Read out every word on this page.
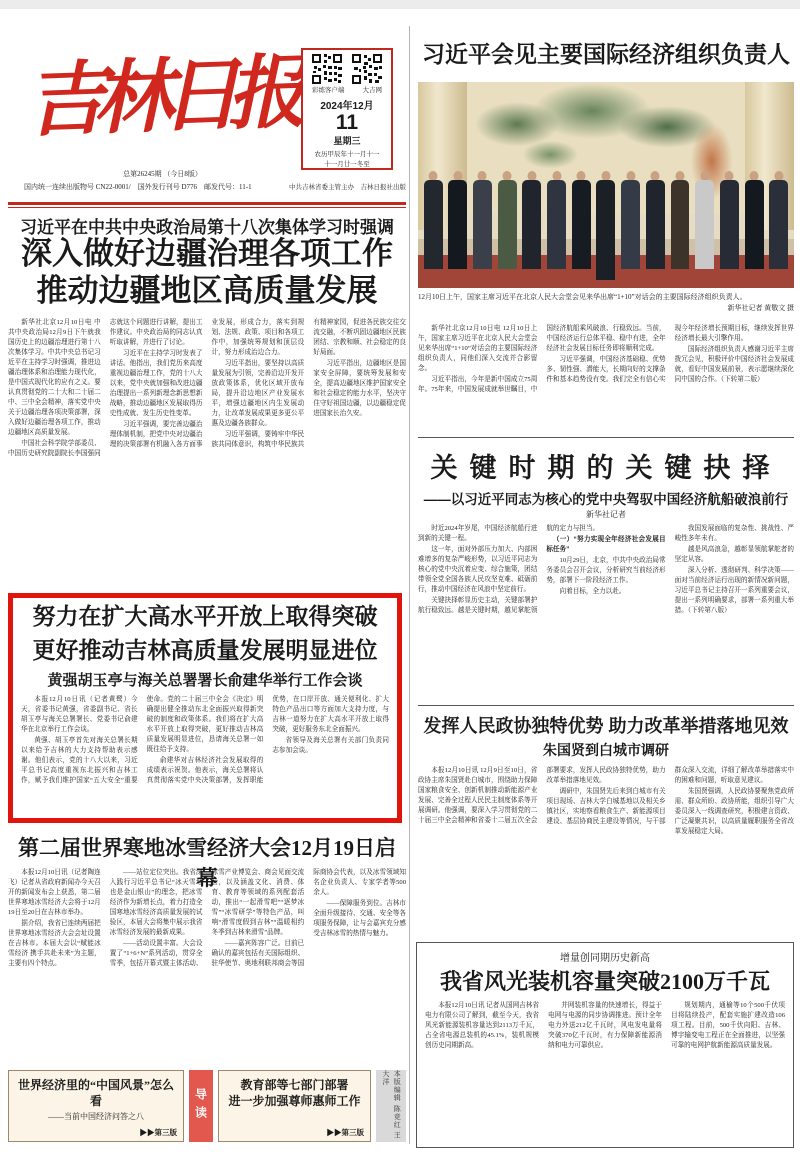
吉林日报	彩练客户端	大吉网
2024年12月
11
星期三
农历甲辰年十一月十一
十一月廿一冬至
总第26245期 （今日8版）
国内统一连续出版物号 CN22-0001/　国外发行刊号 D776　邮发代号：11-1	中共吉林省委主管主办　吉林日报社出版
习近平在中共中央政治局第十八次集体学习时强调
深入做好边疆治理各项工作
推动边疆地区高质量发展

新华社北京12月10日电 中共中央政治局12月9日下午就我国历史上的边疆治理进行第十八次集体学习。中共中央总书记习近平在主持学习时强调，推进边疆治理体系和治理能力现代化，是中国式现代化的应有之义。要认真贯彻党的二十大和二十届二中、三中全会精神，落实党中央关于边疆治理各项决策部署，深入做好边疆治理各项工作，推动边疆地区高质量发展。

中国社会科学院学部委员、中国历史研究院副院长李国强同志就这个问题进行讲解，提出工作建议。中央政治局的同志认真听取讲解，并进行了讨论。

习近平在主持学习时发表了讲话。他指出，我们党历来高度重视边疆治理工作，党的十八大以来，党中央就加强和改进边疆治理提出一系列新理念新思想新战略，推动边疆地区发展取得历史性成就、发生历史性变革。

习近平强调，要完善边疆治理体制机制，把党中央对边疆治理的决策部署有机融入各方面事业发展，形成合力，落实到规划、法规、政策、项目和各项工作中，加强统筹规划和顶层设计，努力形成治边合力。

习近平指出，要坚持以高质量发展为引领，完善沿边开发开放政策体系，优化区域开放布局，提升沿边地区产业发展水平，增强边疆地区内生发展动力，让改革发展成果更多更公平惠及边疆各族群众。

习近平强调，要铸牢中华民族共同体意识，构筑中华民族共有精神家园，促进各民族交往交流交融，不断巩固边疆地区民族团结、宗教和顺、社会稳定的良好局面。

习近平指出，边疆地区是国家安全屏障，要统筹发展和安全，提高边疆地区维护国家安全和社会稳定的能力水平，坚决守住守好祖国边疆，以边疆稳定促进国家长治久安。

努力在扩大高水平开放上取得突破
更好推动吉林高质量发展明显进位
黄强胡玉亭与海关总署署长俞建华举行工作会谈

本报12月10日讯（记者黄鹭）今天，省委书记黄强，省委副书记、省长胡玉亭与海关总署署长、党委书记俞建华在北京举行工作会谈。

黄强、胡玉亭首先对海关总署长期以来给予吉林的大力支持帮助表示感谢。他们表示，党的十八大以来，习近平总书记高度重视东北振兴和吉林工作，赋予我们维护国家“五大安全”重要使命。党的二十届三中全会《决定》明确提出健全推动东北全面振兴取得新突破的制度和政策体系。我们将在扩大高水平开放上取得突破，更好推动吉林高质量发展明显进位，恳请海关总署一如既往给予支持。

俞建华对吉林经济社会发展取得的成绩表示祝贺。他表示，海关总署将认真贯彻落实党中央决策部署，发挥职能优势，在口岸开放、通关便利化、扩大特色产品出口等方面加大支持力度，与吉林一道努力在扩大高水平开放上取得突破，更好服务东北全面振兴。

省领导及海关总署有关部门负责同志参加会谈。

第二届世界寒地冰雪经济大会12月19日启幕

本报12月10日讯（记者陶连飞）记者从省政府新闻办今天召开的新闻发布会上获悉，第二届世界寒地冰雪经济大会将于12月19日至20日在吉林市举办。

据介绍，我省已连续两届把世界寒地冰雪经济大会会址设置在吉林市。本届大会以“赋能冰雪经济 携手共赴未来”为主题，主要有四个特点。

——站位定位突出。我省深入践行习近平总书记“冰天雪地也是金山银山”的理念，把冰雪经济作为新增长点，着力打造全国寒地冰雪经济高质量发展的试验区，本届大会将集中展示我省冰雪经济发展的最新成果。

——活动设置丰富。大会设置了“1+6+N”系列活动，贯穿全雪季，包括开幕式暨主体活动、冰雪产业博览会、商会见面交流会，以及涵盖文化、消费、体育、教育等领域的系列配套活动，推出“一起滑雪吧”“逐梦冰雪”“冰雪研学”等特色产品，叫响“滑雪度假到吉林”“温暖相约 冬季到吉林来滑雪”品牌。

——嘉宾阵容广泛。目前已确认的嘉宾包括有关国际组织、驻华使节、奥地利联邦商会等国际商协会代表，以及冰雪领域知名企业负责人、专家学者等500余人。

——保障服务到位。吉林市全面升级接待、交通、安全等各项服务保障，让与会嘉宾充分感受吉林冰雪的热情与魅力。

世界经济里的“中国风景”怎么看
——当前中国经济问答之八
▶▶第三版
导读
教育部等七部门部署
进一步加强尊师惠师工作
▶▶第三版	本版编辑 陈竞红 王大洋
习近平会见主要国际经济组织负责人
12月10日上午，国家主席习近平在北京人民大会堂会见来华出席“1+10”对话会的主要国际经济组织负责人。
新华社记者 黄敬文 摄

新华社北京12月10日电 12月10日上午，国家主席习近平在北京人民大会堂会见来华出席“1+10”对话会的主要国际经济组织负责人，同他们深入交流并合影留念。

习近平指出，今年是新中国成立75周年。75年来，中国发展成就举世瞩目，中国经济航船乘风破浪、行稳致远。当前，中国经济运行总体平稳、稳中有进，全年经济社会发展目标任务即将顺利完成。

习近平强调，中国经济基础稳、优势多、韧性强、潜能大，长期向好的支撑条件和基本趋势没有变。我们完全有信心实现今年经济增长预期目标，继续发挥世界经济增长最大引擎作用。

国际经济组织负责人感谢习近平主席拨冗会见，积极评价中国经济社会发展成就，看好中国发展前景，表示愿继续深化同中国的合作。（下转第二版）

关键时期的关键抉择
——以习近平同志为核心的党中央驾驭中国经济航船破浪前行
新华社记者

时近2024年岁尾，中国经济航船行进到新的关键一程。

这一年，面对外部压力加大、内部困难增多的复杂严峻形势，以习近平同志为核心的党中央沉着应变、综合施策，团结带领全党全国各族人民攻坚克难、砥砺前行，推动中国经济在风浪中坚定前行。

关键抉择彰显历史主动，关键部署护航行稳致远。越是关键时期，越见掌舵领航的定力与担当。

（一）“努力实现全年经济社会发展目标任务”

10月29日，北京，中共中央政治局常务委员会召开会议，分析研究当前经济形势，部署下一阶段经济工作。

向着目标，全力以赴。

我国发展面临的复杂性、挑战性、严峻性多年未有。

越是风高浪急，越彰显领航掌舵者的坚定从容。

深入分析、透彻研判、科学决策——面对当前经济运行出现的新情况新问题，习近平总书记主持召开一系列重要会议，提出一系列明确要求，部署一系列重大举措。（下转第八版）

发挥人民政协独特优势 助力改革举措落地见效
朱国贤到白城市调研

本报12月10日讯 12月9日至10日，省政协主席朱国贤赴白城市，围绕助力保障国家粮食安全、创新机制推动新能源产业发展、完善全过程人民民主制度体系等开展调研。他强调，要深入学习贯彻党的二十届三中全会精神和省委十二届五次全会部署要求，发挥人民政协独特优势，助力改革举措落地见效。

调研中，朱国贤先后来到白城市有关项目现场、吉林大学白城基地以及相关乡镇社区，实地察看粮食生产、新能源项目建设、基层协商民主建设等情况，与干部群众深入交流，详细了解改革举措落实中的困难和问题，听取意见建议。

朱国贤强调，人民政协要聚焦党政所需、群众所盼、政协所能，组织引导广大委员深入一线调查研究，积极建言资政、广泛凝聚共识，以高质量履职服务全省改革发展稳定大局。

增量创同期历史新高
我省风光装机容量突破2100万千瓦

本报12月10日讯 记者从国网吉林省电力有限公司了解到，截至今天，我省风光新能源装机容量达到2113万千瓦，占全省电源总装机的45.1%，装机规模创历史同期新高。

并网装机容量的快速增长，得益于电网与电源的同步协调推进。预计全年电力外送212亿千瓦时，风电发电量将突破370亿千瓦时，有力保障新能源消纳和电力可靠供应。

规划期内，通榆等10个500千伏项目将陆续投产，配套实施扩建改造106项工程。目前，500千伏向阳、吉林、博宇输变电工程正在全面推进，以坚强可靠的电网护航新能源高质量发展。
